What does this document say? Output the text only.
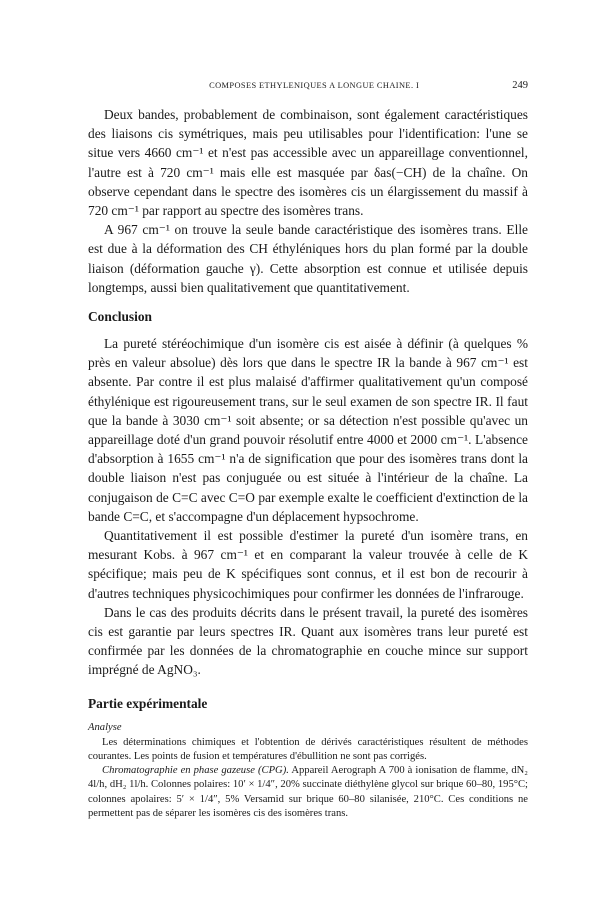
COMPOSES ETHYLENIQUES A LONGUE CHAINE. I	249

Deux bandes, probablement de combinaison, sont également caractéristiques des liaisons cis symétriques, mais peu utilisables pour l'identification: l'une se situe vers 4660 cm⁻¹ et n'est pas accessible avec un appareillage conventionnel, l'autre est à 720 cm⁻¹ mais elle est masquée par δas(−CH) de la chaîne. On observe cependant dans le spectre des isomères cis un élargissement du massif à 720 cm⁻¹ par rapport au spectre des isomères trans.

A 967 cm⁻¹ on trouve la seule bande caractéristique des isomères trans. Elle est due à la déformation des CH éthyléniques hors du plan formé par la double liaison (déformation gauche γ). Cette absorption est connue et utilisée depuis longtemps, aussi bien qualitativement que quantitativement.

Conclusion

La pureté stéréochimique d'un isomère cis est aisée à définir (à quelques % près en valeur absolue) dès lors que dans le spectre IR la bande à 967 cm⁻¹ est absente. Par contre il est plus malaisé d'affirmer qualitativement qu'un composé éthylénique est rigoureusement trans, sur le seul examen de son spectre IR. Il faut que la bande à 3030 cm⁻¹ soit absente; or sa détection n'est possible qu'avec un appareillage doté d'un grand pouvoir résolutif entre 4000 et 2000 cm⁻¹. L'absence d'absorption à 1655 cm⁻¹ n'a de signification que pour des isomères trans dont la double liaison n'est pas conjuguée ou est située à l'intérieur de la chaîne. La conjugaison de C=C avec C=O par exemple exalte le coefficient d'extinction de la bande C=C, et s'accompagne d'un déplacement hypsochrome.

Quantitativement il est possible d'estimer la pureté d'un isomère trans, en mesurant Kobs. à 967 cm⁻¹ et en comparant la valeur trouvée à celle de K spécifique; mais peu de K spécifiques sont connus, et il est bon de recourir à d'autres techniques physicochimiques pour confirmer les données de l'infrarouge.

Dans le cas des produits décrits dans le présent travail, la pureté des isomères cis est garantie par leurs spectres IR. Quant aux isomères trans leur pureté est confirmée par les données de la chromatographie en couche mince sur support imprégné de AgNO₃.

Partie expérimentale
Analyse

Les déterminations chimiques et l'obtention de dérivés caractéristiques résultent de méthodes courantes. Les points de fusion et températures d'ébullition ne sont pas corrigés.

Chromatographie en phase gazeuse (CPG). Appareil Aerograph A 700 à ionisation de flamme, dN₂ 4l/h, dH₂ 1l/h. Colonnes polaires: 10′ × 1/4″, 20% succinate diéthylène glycol sur brique 60–80, 195°C; colonnes apolaires: 5′ × 1/4″, 5% Versamid sur brique 60–80 silanisée, 210°C. Ces conditions ne permettent pas de séparer les isomères cis des isomères trans.
